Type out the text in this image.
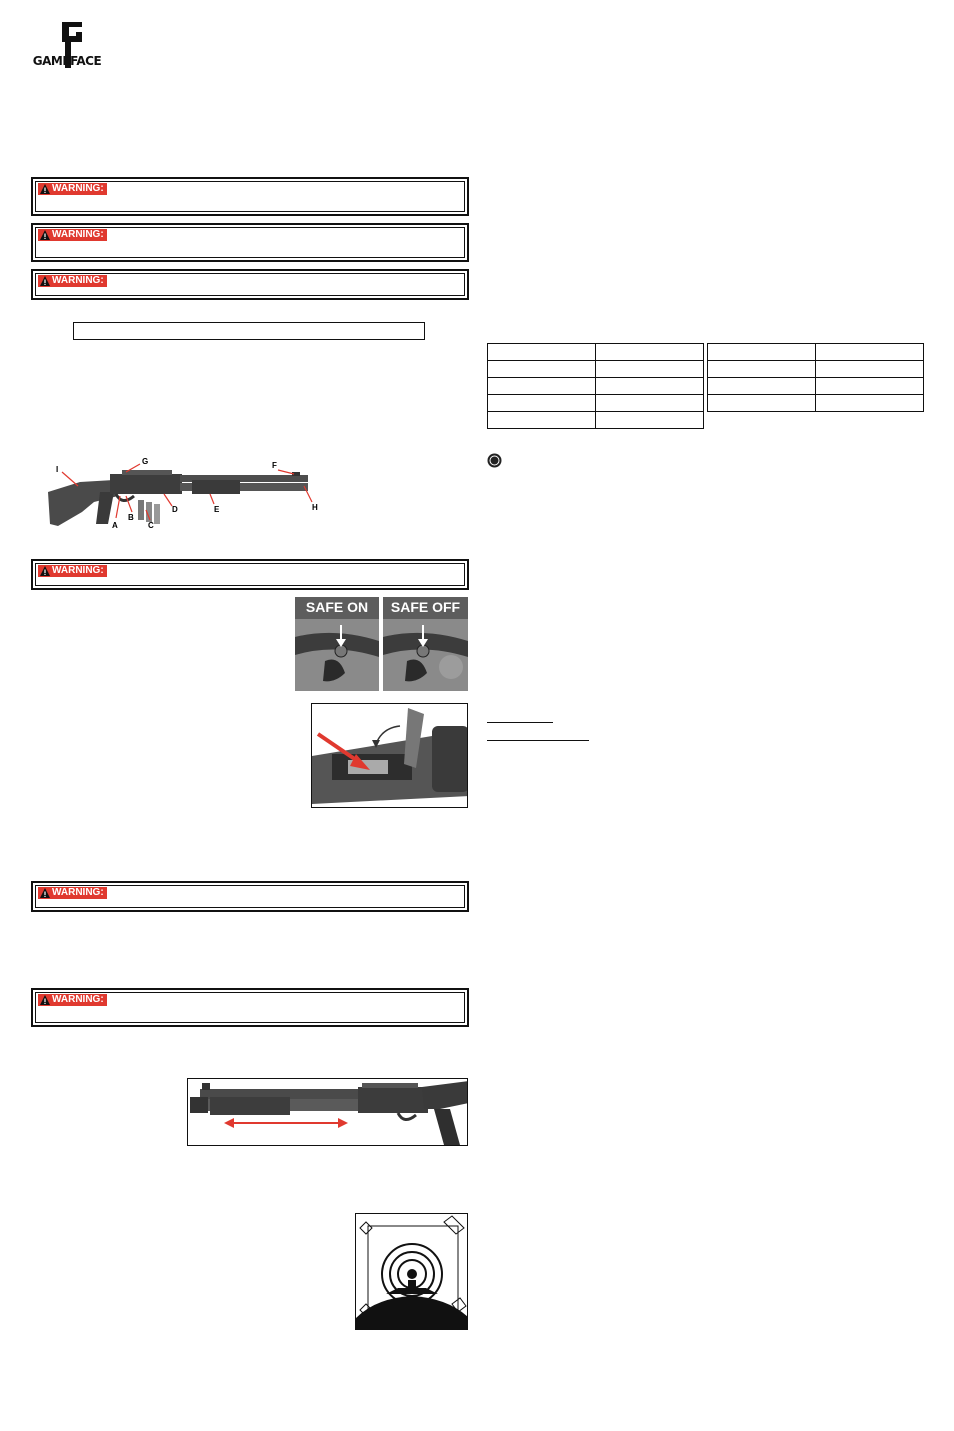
GAMEFACE
WARNING:
WARNING:
WARNING:
I
G	F
H
A
B
C
D	E
WARNING:
SAFE ON	SAFE OFF
WARNING:
WARNING:
